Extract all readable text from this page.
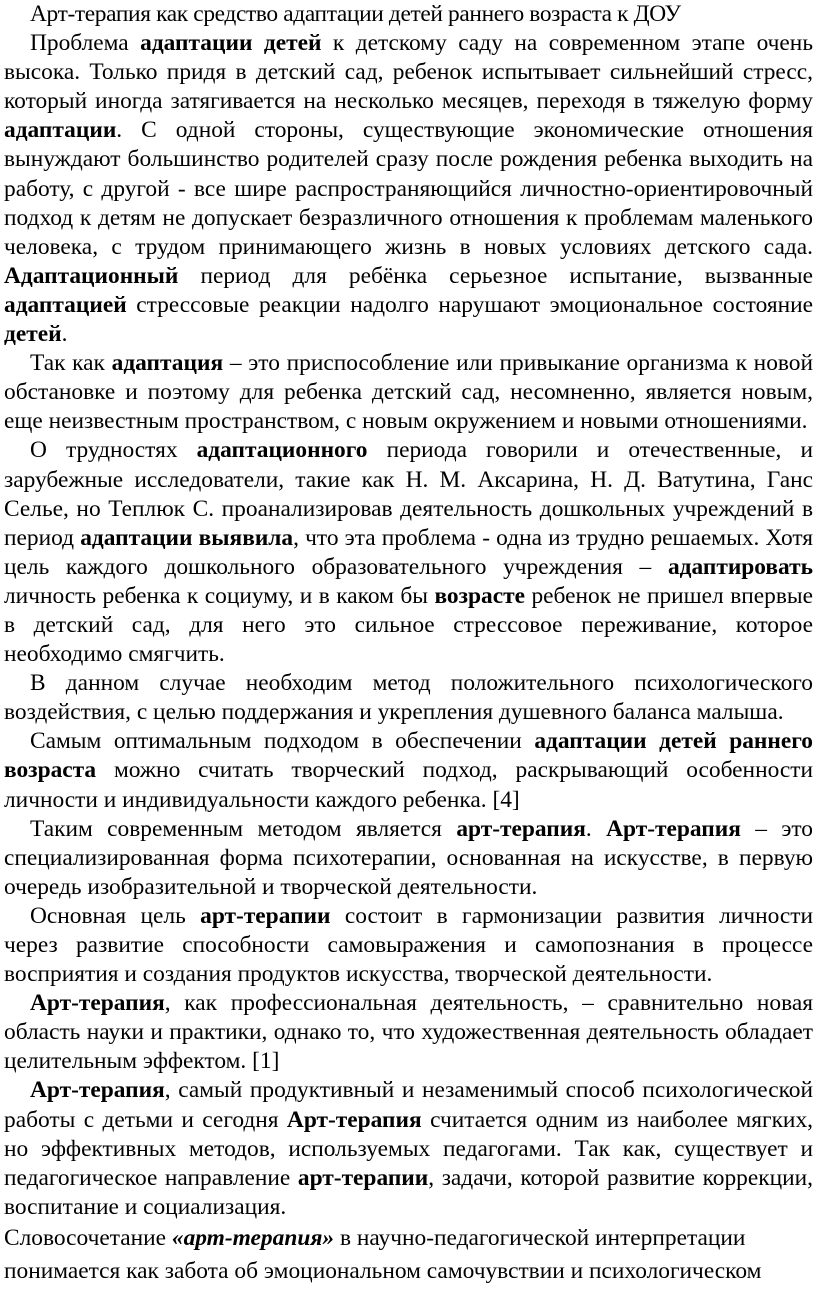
Арт-терапия как средство адаптации детей раннего возраста к ДОУ

Проблема адаптации детей к детскому саду на современном этапе очень высока. Только придя в детский сад, ребенок испытывает сильнейший стресс, который иногда затягивается на несколько месяцев, переходя в тяжелую форму адаптации. С одной стороны, существующие экономические отношения вынуждают большинство родителей сразу после рождения ребенка выходить на работу, с другой - все шире распространяющийся личностно-ориентировочный подход к детям не допускает безразличного отношения к проблемам маленького человека, с трудом принимающего жизнь в новых условиях детского сада. Адаптационный период для ребёнка серьезное испытание, вызванные адаптацией стрессовые реакции надолго нарушают эмоциональное состояние детей.

Так как адаптация – это приспособление или привыкание организма к новой обстановке и поэтому для ребенка детский сад, несомненно, является новым, еще неизвестным пространством, с новым окружением и новыми отношениями.

О трудностях адаптационного периода говорили и отечественные, и зарубежные исследователи, такие как Н. М. Аксарина, Н. Д. Ватутина, Ганс Селье, но Теплюк С. проанализировав деятельность дошкольных учреждений в период адаптации выявила, что эта проблема - одна из трудно решаемых. Хотя цель каждого дошкольного образовательного учреждения – адаптировать личность ребенка к социуму, и в каком бы возрасте ребенок не пришел впервые в детский сад, для него это сильное стрессовое переживание, которое необходимо смягчить.

В данном случае необходим метод положительного психологического воздействия, с целью поддержания и укрепления душевного баланса малыша.

Самым оптимальным подходом в обеспечении адаптации детей раннего возраста можно считать творческий подход, раскрывающий особенности личности и индивидуальности каждого ребенка. [4]

Таким современным методом является арт-терапия. Арт-терапия – это специализированная форма психотерапии, основанная на искусстве, в первую очередь изобразительной и творческой деятельности.

Основная цель арт-терапии состоит в гармонизации развития личности через развитие способности самовыражения и самопознания в процессе восприятия и создания продуктов искусства, творческой деятельности.

Арт-терапия, как профессиональная деятельность, – сравнительно новая область науки и практики, однако то, что художественная деятельность обладает целительным эффектом. [1]

Арт-терапия, самый продуктивный и незаменимый способ психологической работы с детьми и сегодня Арт-терапия считается одним из наиболее мягких, но эффективных методов, используемых педагогами. Так как, существует и педагогическое направление арт-терапии, задачи, которой развитие коррекции, воспитание и социализация.

Словосочетание «арт-терапия» в научно-педагогической интерпретации понимается как забота об эмоциональном самочувствии и психологическом
